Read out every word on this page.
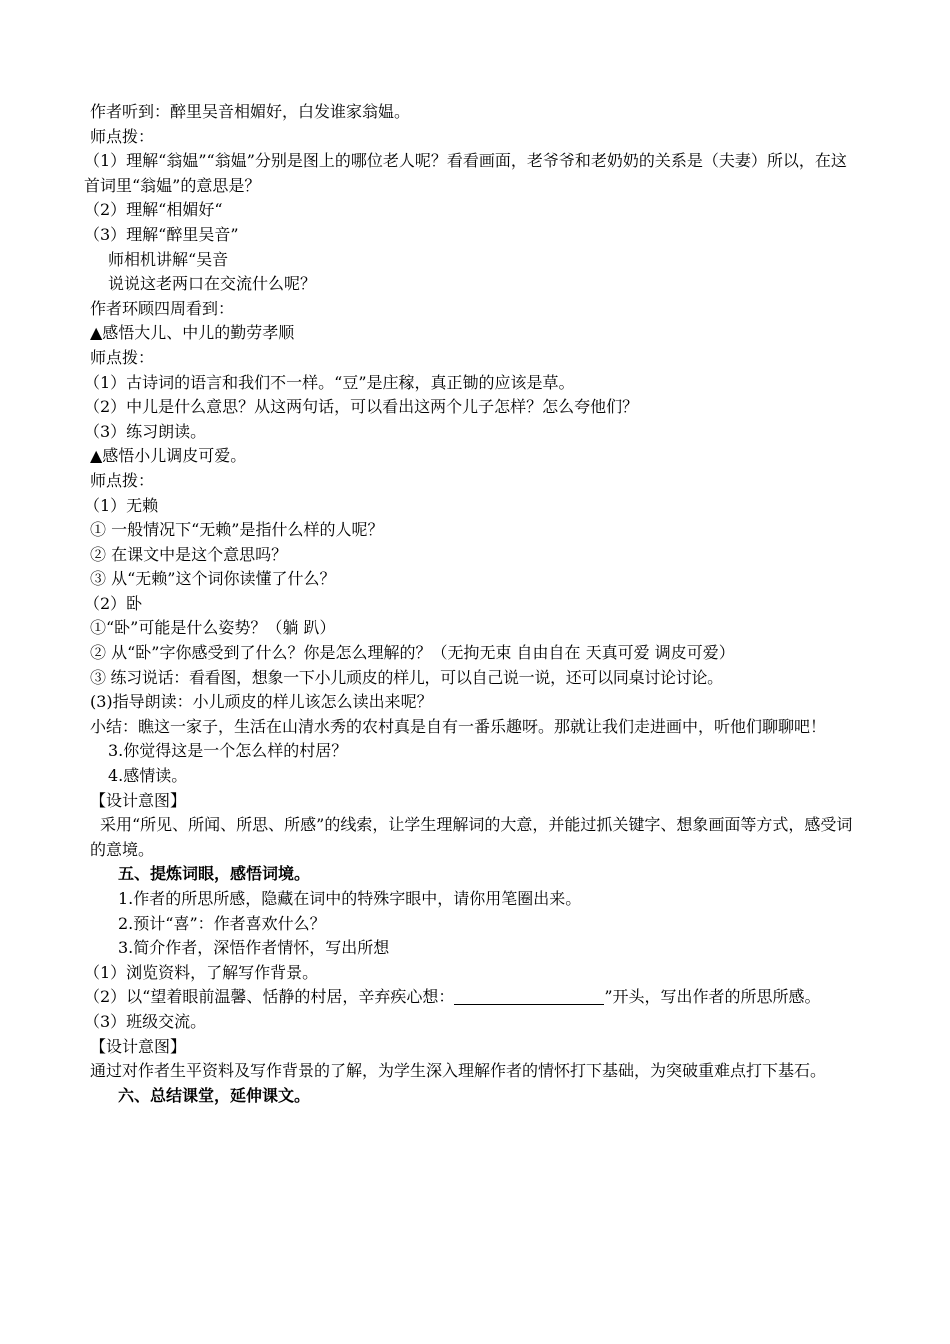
作者听到：醉里吴音相媚好，白发谁家翁媪。
师点拨：
（1）理解“翁媪”“翁媪”分别是图上的哪位老人呢？看看画面，老爷爷和老奶奶的关系是（夫妻）所以，在这首词里“翁媪”的意思是？
（2）理解“相媚好“
（3）理解“醉里吴音”
师相机讲解“吴音
说说这老两口在交流什么呢？
作者环顾四周看到：
▲感悟大儿、中儿的勤劳孝顺
师点拨：
（1）古诗词的语言和我们不一样。“豆”是庄稼，真正锄的应该是草。
（2）中儿是什么意思？从这两句话，可以看出这两个儿子怎样？怎么夸他们？
（3）练习朗读。
▲感悟小儿调皮可爱。
师点拨：
（1）无赖
① 一般情况下“无赖”是指什么样的人呢？
② 在课文中是这个意思吗？
③ 从“无赖”这个词你读懂了什么？
（2）卧
①“卧”可能是什么姿势？（躺 趴）
② 从“卧”字你感受到了什么？你是怎么理解的？（无拘无束 自由自在 天真可爱 调皮可爱）
③ 练习说话：看看图，想象一下小儿顽皮的样儿，可以自己说一说，还可以同桌讨论讨论。
(3)指导朗读：小儿顽皮的样儿该怎么读出来呢？
小结：瞧这一家子，生活在山清水秀的农村真是自有一番乐趣呀。那就让我们走进画中，听他们聊聊吧！
3.你觉得这是一个怎么样的村居？
4.感情读。
【设计意图】
采用“所见、所闻、所思、所感”的线索，让学生理解词的大意，并能过抓关键字、想象画面等方式，感受词的意境。
五、提炼词眼，感悟词境。
1.作者的所思所感，隐藏在词中的特殊字眼中，请你用笔圈出来。
2.预计“喜”：作者喜欢什么？
3.简介作者，深悟作者情怀，写出所想
（1）浏览资料，了解写作背景。
（2）以“望着眼前温馨、恬静的村居，辛弃疾心想：	”开头，写出作者的所思所感。
（3）班级交流。
【设计意图】
通过对作者生平资料及写作背景的了解，为学生深入理解作者的情怀打下基础，为突破重难点打下基石。
六、总结课堂，延伸课文。
